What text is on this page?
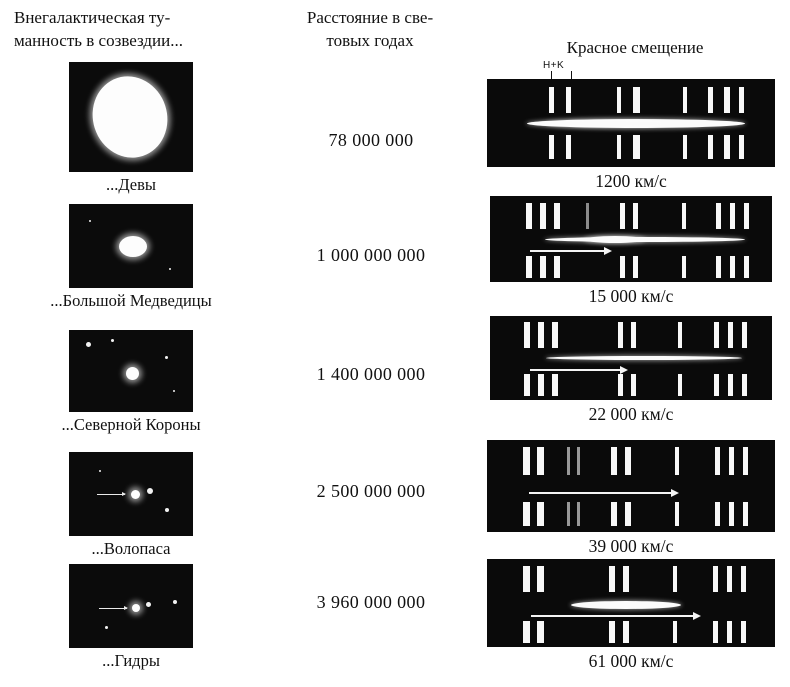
Внегалактическая ту-
манность в созвездии...
Расстояние в све-
товых годах	Красное смещение
...Девы
...Большой Медведицы
...Северной Короны
...Волопаса
...Гидры
78 000 000
1 000 000 000
1 400 000 000
2 500 000 000
3 960 000 000
H+K
1200 км/с
15 000 км/с
22 000 км/с
39 000 км/с
61 000 км/с
